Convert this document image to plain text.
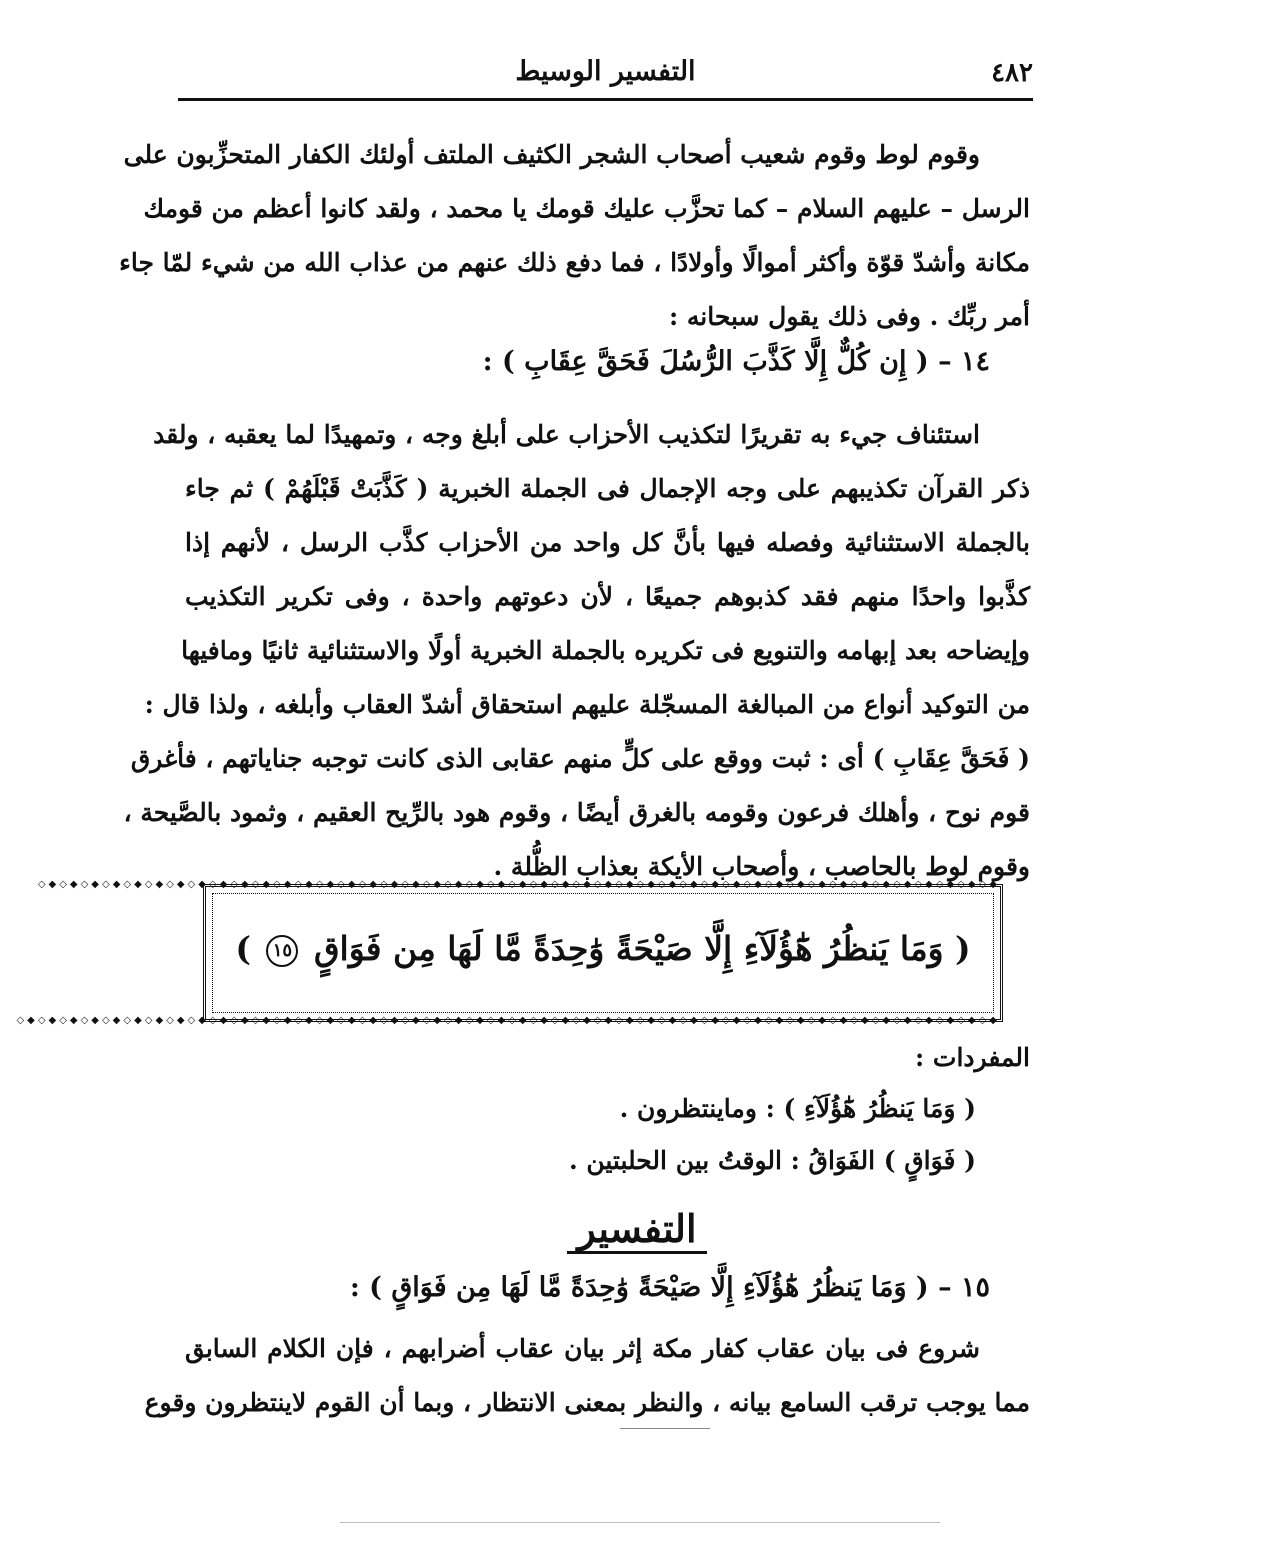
٤٨٢
التفسير الوسيط
وقوم لوط وقوم شعيب أصحاب الشجر الكثيف الملتف أولئك الكفار المتحزِّبون على
الرسل – عليهم السلام – كما تحزَّب عليك قومك يا محمد ، ولقد كانوا أعظم من قومك
مكانة وأشدّ قوّة وأكثر أموالًا وأولادًا ، فما دفع ذلك عنهم من عذاب الله من شيء لمّا جاء
أمر ربِّك . وفى ذلك يقول سبحانه :
١٤ – ( إِن كُلٌّ إِلَّا كَذَّبَ الرُّسُلَ فَحَقَّ عِقَابِ ) :
استئناف جيء به تقريرًا لتكذيب الأحزاب على أبلغ وجه ، وتمهيدًا لما يعقبه ، ولقد
ذكر القرآن تكذيبهم على وجه الإجمال فى الجملة الخبرية ( كَذَّبَتْ قَبْلَهُمْ ) ثم جاء
بالجملة الاستثنائية وفصله فيها بأنَّ كل واحد من الأحزاب كذَّب الرسل ، لأنهم إذا
كذَّبوا واحدًا منهم فقد كذبوهم جميعًا ، لأن دعوتهم واحدة ، وفى تكرير التكذيب
وإيضاحه بعد إبهامه والتنويع فى تكريره بالجملة الخبرية أولًا والاستثنائية ثانيًا ومافيها
من التوكيد أنواع من المبالغة المسجّلة عليهم استحقاق أشدّ العقاب وأبلغه ، ولذا قال :
( فَحَقَّ عِقَابِ ) أى : ثبت ووقع على كلٍّ منهم عقابى الذى كانت توجبه جناياتهم ، فأغرق
قوم نوح ، وأهلك فرعون وقومه بالغرق أيضًا ، وقوم هود بالرِّيح العقيم ، وثمود بالصَّيحة ،
وقوم لوط بالحاصب ، وأصحاب الأيكة بعذاب الظُّلة .
◆◇◆◇◆◇◆◇◆◇◆◇◆◇◆◇◆◇◆◇◆◇◆◇◆◇◆◇◆◇◆◇◆◇◆◇◆◇◆◇◆◇◆◇◆◇◆◇◆◇◆◇◆◇◆◇◆◇◆◇◆◇◆◇◆◇◆◇◆◇◆◇◆◇◆◇◆◇◆◇◆◇◆◇◆◇◆◇◆◇
( وَمَا يَنظُرُ هَٰٓؤُلَآءِ إِلَّا صَيْحَةً وَٰحِدَةً مَّا لَهَا مِن فَوَاقٍ ١٥ )
◆◇◆◇◆◇◆◇◆◇◆◇◆◇◆◇◆◇◆◇◆◇◆◇◆◇◆◇◆◇◆◇◆◇◆◇◆◇◆◇◆◇◆◇◆◇◆◇◆◇◆◇◆◇◆◇◆◇◆◇◆◇◆◇◆◇◆◇◆◇◆◇◆◇◆◇◆◇◆◇◆◇◆◇◆◇◆◇◆◇◆◇
المفردات :
( وَمَا يَنظُرُ هَٰٓؤُلَآءِ ) : وماينتظرون .
( فَوَاقٍ ) الفَوَاقُ : الوقتُ بين الحلبتين .
التفسير
١٥ – ( وَمَا يَنظُرُ هَٰٓؤُلَآءِ إِلَّا صَيْحَةً وَٰحِدَةً مَّا لَهَا مِن فَوَاقٍ ) :
شروع فى بيان عقاب كفار مكة إثر بيان عقاب أضرابهم ، فإن الكلام السابق
مما يوجب ترقب السامع بيانه ، والنظر بمعنى الانتظار ، وبما أن القوم لاينتظرون وقوع
